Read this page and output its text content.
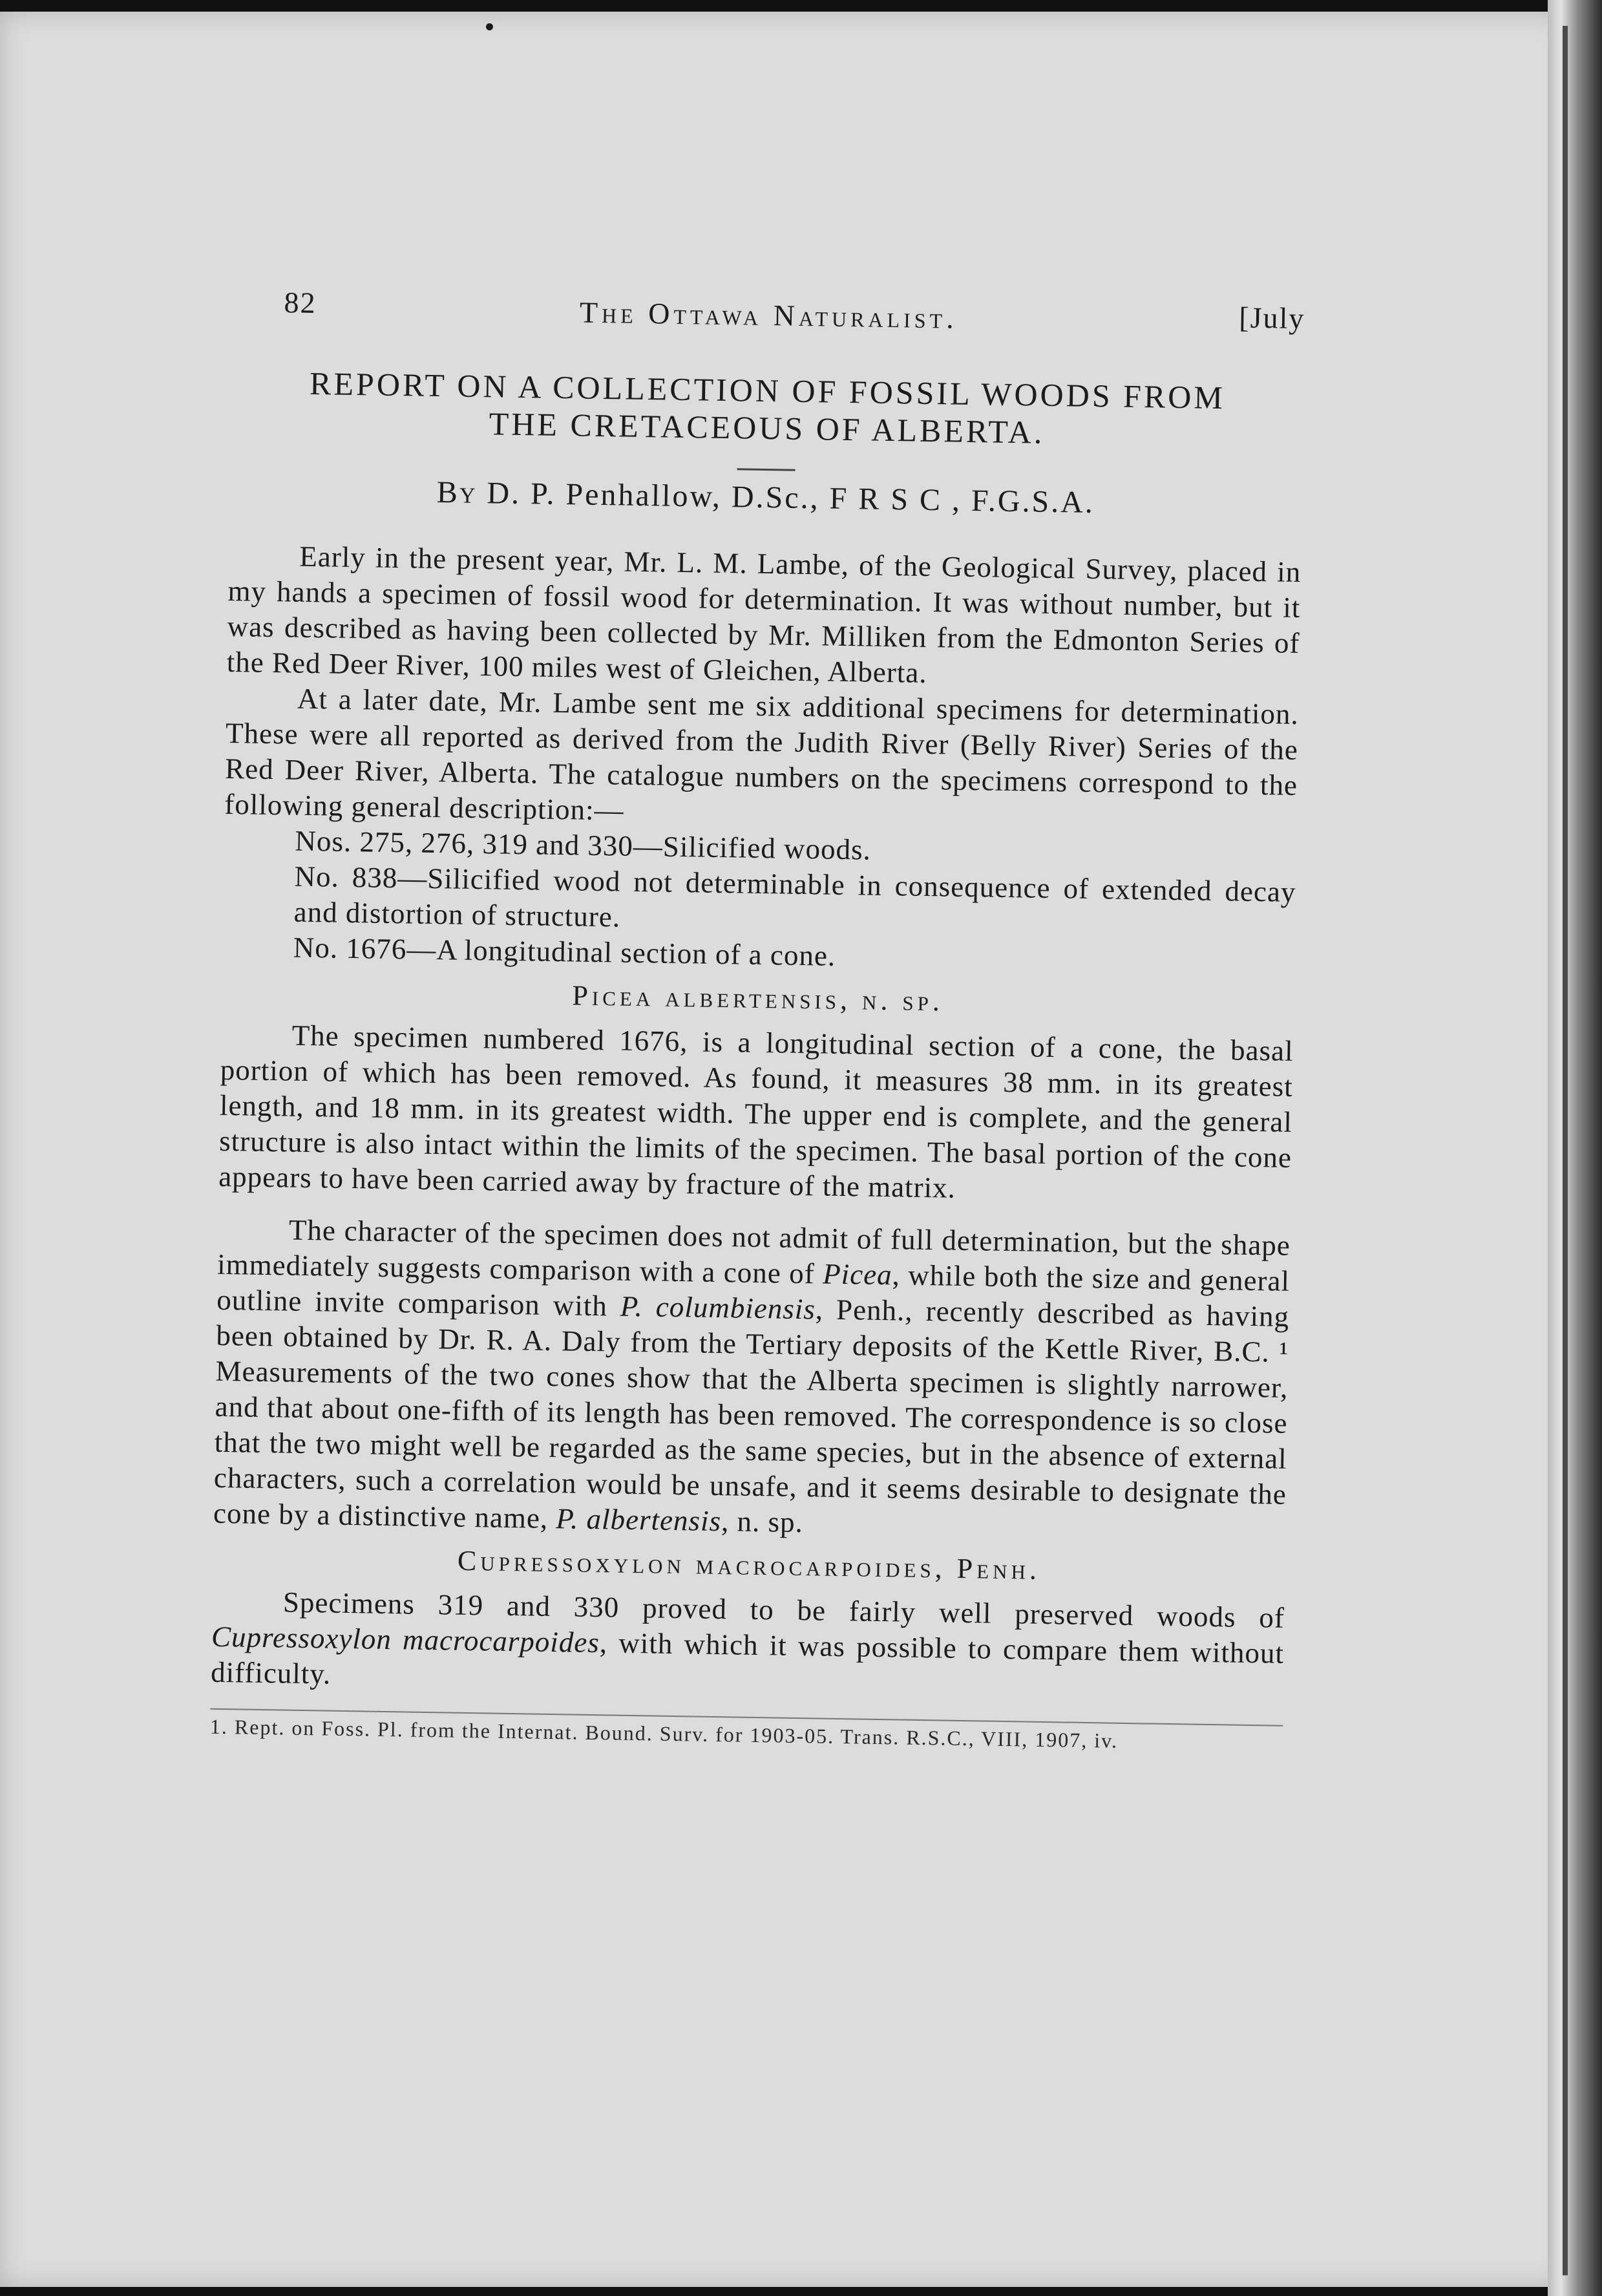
82	The Ottawa Naturalist.	[July
REPORT ON A COLLECTION OF FOSSIL WOODS FROM
THE CRETACEOUS OF ALBERTA.
By D. P. Penhallow, D.Sc., F R S C , F.G.S.A.

Early in the present year, Mr. L. M. Lambe, of the Geological Survey, placed in my hands a specimen of fossil wood for determination. It was without number, but it was described as having been collected by Mr. Milliken from the Edmonton Series of the Red Deer River, 100 miles west of Gleichen, Alberta.

At a later date, Mr. Lambe sent me six additional specimens for determination. These were all reported as derived from the Judith River (Belly River) Series of the Red Deer River, Alberta. The catalogue numbers on the specimens correspond to the following general description:—

Nos. 275, 276, 319 and 330—Silicified woods.

No. 838—Silicified wood not determinable in consequence of extended decay and distortion of structure.

No. 1676—A longitudinal section of a cone.

Picea albertensis, n. sp.

The specimen numbered 1676, is a longitudinal section of a cone, the basal portion of which has been removed. As found, it measures 38 mm. in its greatest length, and 18 mm. in its greatest width. The upper end is complete, and the general structure is also intact within the limits of the specimen. The basal portion of the cone appears to have been carried away by fracture of the matrix.

The character of the specimen does not admit of full determination, but the shape immediately suggests comparison with a cone of Picea, while both the size and general outline invite comparison with P. columbiensis, Penh., recently described as having been obtained by Dr. R. A. Daly from the Tertiary deposits of the Kettle River, B.C. ¹ Measurements of the two cones show that the Alberta specimen is slightly narrower, and that about one-fifth of its length has been removed. The correspondence is so close that the two might well be regarded as the same species, but in the absence of external characters, such a correlation would be unsafe, and it seems desirable to designate the cone by a distinctive name, P. albertensis, n. sp.

Cupressoxylon macrocarpoides, Penh.

Specimens 319 and 330 proved to be fairly well preserved woods of Cupressoxylon macrocarpoides, with which it was possible to compare them without difficulty.

1. Rept. on Foss. Pl. from the Internat. Bound. Surv. for 1903-05. Trans. R.S.C., VIII, 1907, iv.
